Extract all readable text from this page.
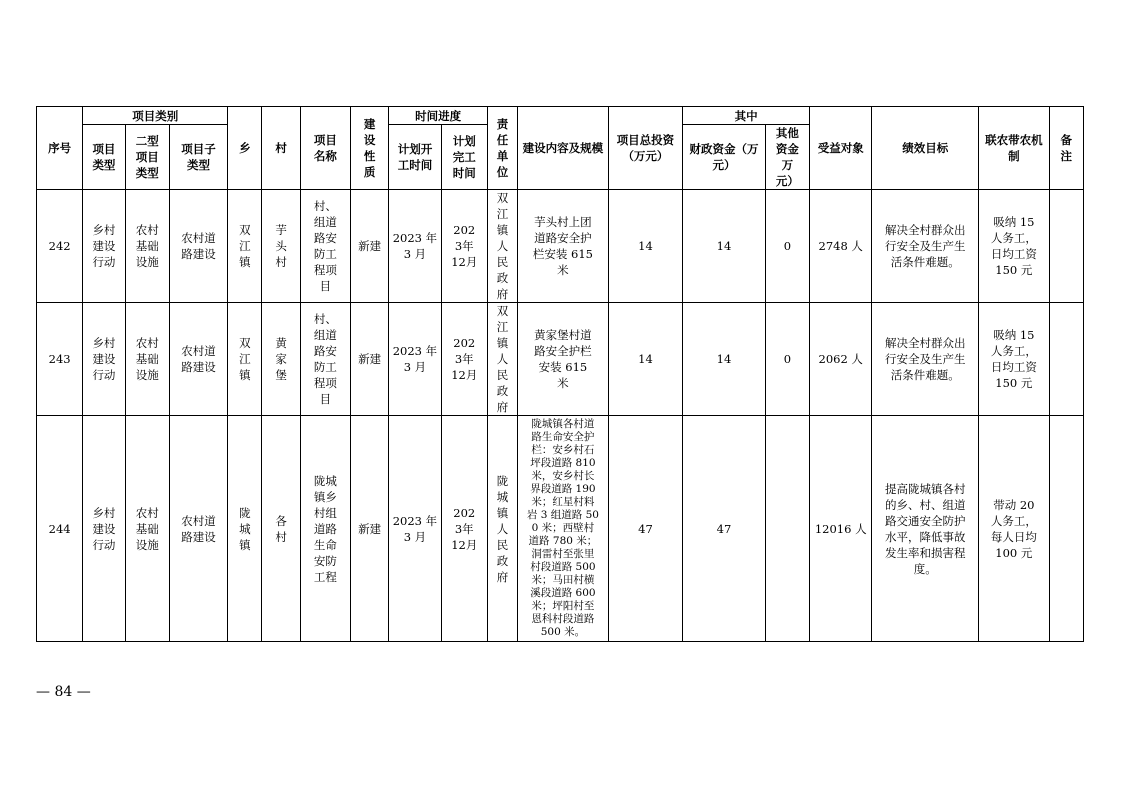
序号	项目类别			乡	村	项目名称	建设性质	时间进度		责任单位	建设内容及规模	项目总投资（万元）	其中		受益对象	绩效目标	联农带农机制	备注
	项目类型	二型项目类型	项目子类型					计划开工时间	计划完工时间				财政资金（万元）	其他资金万元）				
242	乡村建设行动	农村基础设施	农村道路建设	双江镇	芋头村	村、组道路安防工程项目	新建	2023 年3 月	2023年 12月	双江镇人民政府	芋头村上团道路安全护栏安装 615 米	14	14	0	2748 人	解决全村群众出行安全及生产生活条件难题。	吸纳 15 人务工，日均工资 150 元	
243	乡村建设行动	农村基础设施	农村道路建设	双江镇	黄家堡	村、组道路安防工程项目	新建	2023 年3 月	2023年 12月	双江镇人民政府	黄家堡村道路安全护栏安装 615 米	14	14	0	2062 人	解决全村群众出行安全及生产生活条件难题。	吸纳 15 人务工，日均工资 150 元	
244	乡村建设行动	农村基础设施	农村道路建设	陇城镇	各村	陇城镇乡村组道路生命安防工程	新建	2023 年3 月	2023年 12月	陇城镇人民政府	陇城镇各村道路生命安全护栏：安乡村石坪段道路 810 米，安乡村长界段道路 190 米；红星村料岩 3 组道路 500 米；西壁村道路 780 米；洞雷村至张里村段道路 500 米；马田村横溪段道路 600 米；坪阳村至恩科村段道路 500 米。	47	47		12016 人	提高陇城镇各村的乡、村、组道路交通安全防护水平，降低事故发生率和损害程度。	带动 20 人务工，每人日均 100 元	
— 84 —
